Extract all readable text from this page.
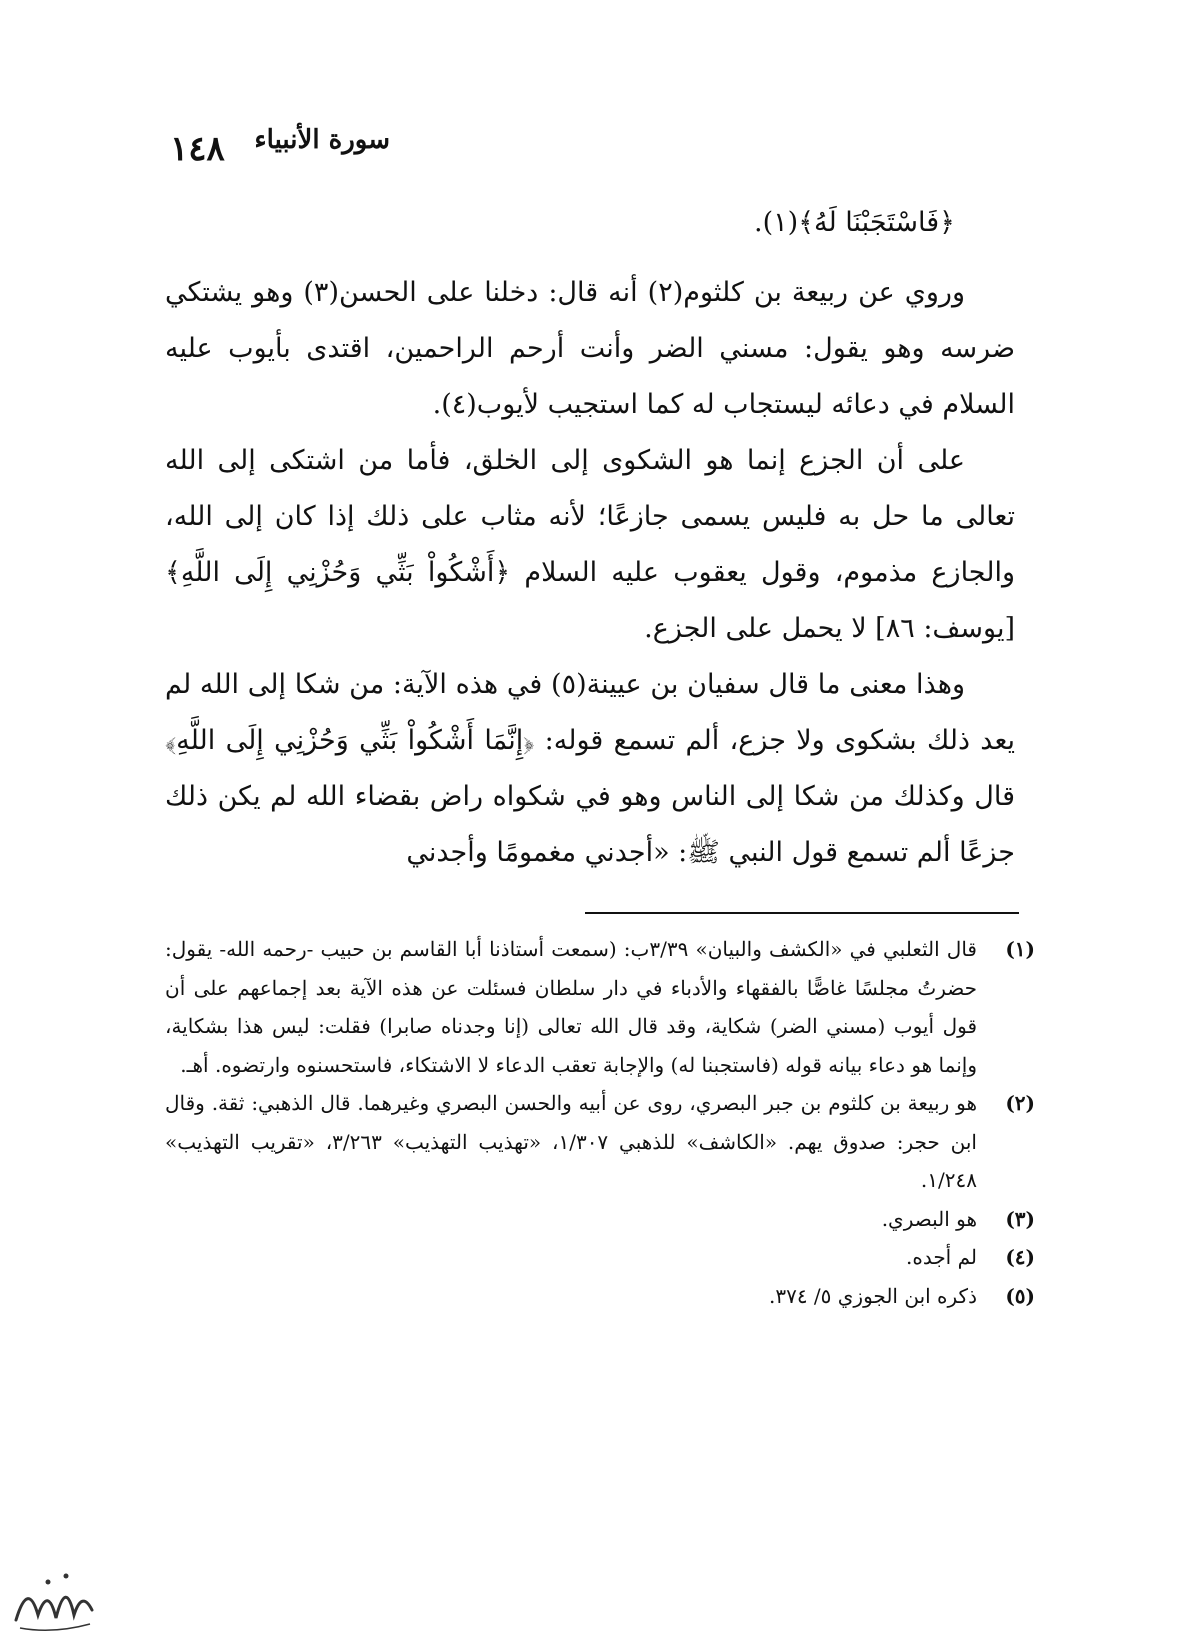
سورة الأنبياء
١٤٨
﴿فَاسْتَجَبْنَا لَهُ﴾(١).

وروي عن ربيعة بن كلثوم(٢) أنه قال: دخلنا على الحسن(٣) وهو يشتكي ضرسه وهو يقول: مسني الضر وأنت أرحم الراحمين، اقتدى بأيوب عليه السلام في دعائه ليستجاب له كما استجيب لأيوب(٤).

على أن الجزع إنما هو الشكوى إلى الخلق، فأما من اشتكى إلى الله تعالى ما حل به فليس يسمى جازعًا؛ لأنه مثاب على ذلك إذا كان إلى الله، والجازع مذموم، وقول يعقوب عليه السلام ﴿أَشْكُواْ بَثِّي وَحُزْنِي إِلَى اللَّهِ﴾ [يوسف: ٨٦] لا يحمل على الجزع.

وهذا معنى ما قال سفيان بن عيينة(٥) في هذه الآية: من شكا إلى الله لم يعد ذلك بشكوى ولا جزع، ألم تسمع قوله: ﴿إِنَّمَا أَشْكُواْ بَثِّي وَحُزْنِي إِلَى اللَّهِ﴾ قال وكذلك من شكا إلى الناس وهو في شكواه راض بقضاء الله لم يكن ذلك جزعًا ألم تسمع قول النبي ﷺ: «أجدني مغمومًا وأجدني

(١)
قال الثعلبي في «الكشف والبيان» ٣/٣٩ب: (سمعت أستاذنا أبا القاسم بن حبيب -رحمه الله- يقول: حضرتُ مجلسًا غاصًّا بالفقهاء والأدباء في دار سلطان فسئلت عن هذه الآية بعد إجماعهم على أن قول أيوب (مسني الضر) شكاية، وقد قال الله تعالى (إنا وجدناه صابرا) فقلت: ليس هذا بشكاية، وإنما هو دعاء بيانه قوله (فاستجبنا له) والإجابة تعقب الدعاء لا الاشتكاء، فاستحسنوه وارتضوه. أهـ.
(٢)
هو ربيعة بن كلثوم بن جبر البصري، روى عن أبيه والحسن البصري وغيرهما. قال الذهبي: ثقة. وقال ابن حجر: صدوق يهم. «الكاشف» للذهبي ١/٣٠٧، «تهذيب التهذيب» ٣/٢٦٣، «تقريب التهذيب» ١/٢٤٨.
(٣)
هو البصري.
(٤)
لم أجده.
(٥)
ذكره ابن الجوزي ٥/ ٣٧٤.
